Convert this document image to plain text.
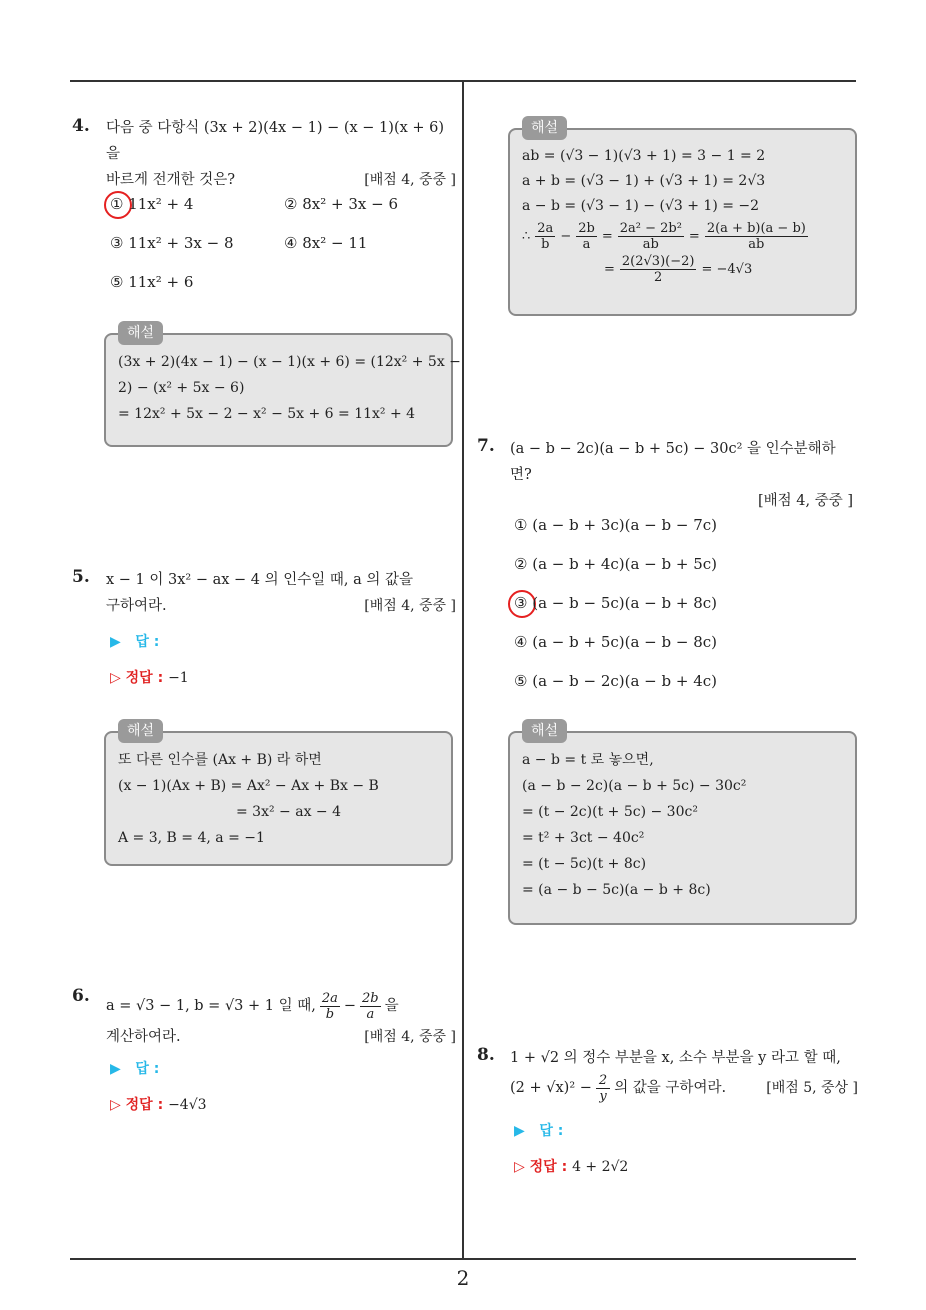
4. 다음 중 다항식 (3x + 2)(4x − 1) − (x − 1)(x + 6) 을
바르게 전개한 것은?	[배점 4, 중중 ]
① 11x² + 4	② 8x² + 3x − 6
③ 11x² + 3x − 8	④ 8x² − 11
⑤ 11x² + 6
해설
(3x + 2)(4x − 1) − (x − 1)(x + 6) = (12x² + 5x −
2) − (x² + 5x − 6)
= 12x² + 5x − 2 − x² − 5x + 6 = 11x² + 4
5. x − 1 이 3x² − ax − 4 의 인수일 때, a 의 값을
구하여라.	[배점 4, 중중 ]
▶ 답 :
▷ 정답 : −1
해설
또 다른 인수를 (Ax + B) 라 하면
(x − 1)(Ax + B) = Ax² − Ax + Bx − B
= 3x² − ax − 4
A = 3, B = 4, a = −1
6. a = √3 − 1, b = √3 + 1 일 때, $\frac{2a}{b} - \frac{2b}{a}$ 을
계산하여라.	[배점 4, 중중 ]
▶ 답 :
▷ 정답 : −4√3
해설
ab = (√3 − 1)(√3 + 1) = 3 − 1 = 2
a + b = (√3 − 1) + (√3 + 1) = 2√3
a − b = (√3 − 1) − (√3 + 1) = −2
∴ $\frac{2a}{b} - \frac{2b}{a} = \frac{\text{2a² − 2b²}}{ab} = \frac{2(a + b)(a - b)}{ab}$
= $\frac{2(2√3)(-2)}{2} = -4√3$
7. (a − b − 2c)(a − b + 5c) − 30c² 을 인수분해하면?
[배점 4, 중중 ]
① (a − b + 3c)(a − b − 7c)
② (a − b + 4c)(a − b + 5c)
③ (a − b − 5c)(a − b + 8c)
④ (a − b + 5c)(a − b − 8c)
⑤ (a − b − 2c)(a − b + 4c)
해설
a − b = t 로 놓으면,
(a − b − 2c)(a − b + 5c) − 30c²
= (t − 2c)(t + 5c) − 30c²
= t² + 3ct − 40c²
= (t − 5c)(t + 8c)
= (a − b − 5c)(a − b + 8c)
8. 1 + √2 의 정수 부분을 x, 소수 부분을 y 라고 할 때,
$(2 + √x)^2 - \frac{2}{y}$ 의 값을 구하여라.	[배점 5, 중상 ]
▶ 답 :
▷ 정답 : 4 + 2√2
2
